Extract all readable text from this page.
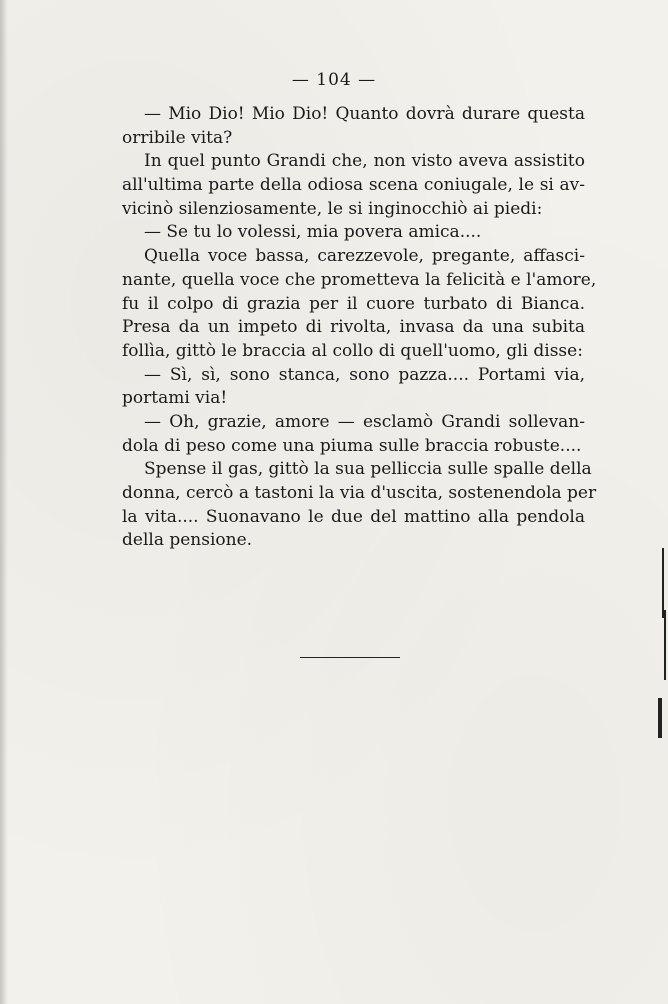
— 104 —
— Mio Dio! Mio Dio! Quanto dovrà durare questa
orribile vita?
In quel punto Grandi che, non visto aveva assistito
all'ultima parte della odiosa scena coniugale, le si av-
vicinò silenziosamente, le si inginocchiò ai piedi:
— Se tu lo volessi, mia povera amica....
Quella voce bassa, carezzevole, pregante, affasci-
nante, quella voce che prometteva la felicità e l'amore,
fu il colpo di grazia per il cuore turbato di Bianca.
Presa da un impeto di rivolta, invasa da una subita
follìa, gittò le braccia al collo di quell'uomo, gli disse:
— Sì, sì, sono stanca, sono pazza.... Portami via,
portami via!
— Oh, grazie, amore — esclamò Grandi sollevan-
dola di peso come una piuma sulle braccia robuste....
Spense il gas, gittò la sua pelliccia sulle spalle della
donna, cercò a tastoni la via d'uscita, sostenendola per
la vita.... Suonavano le due del mattino alla pendola
della pensione.
